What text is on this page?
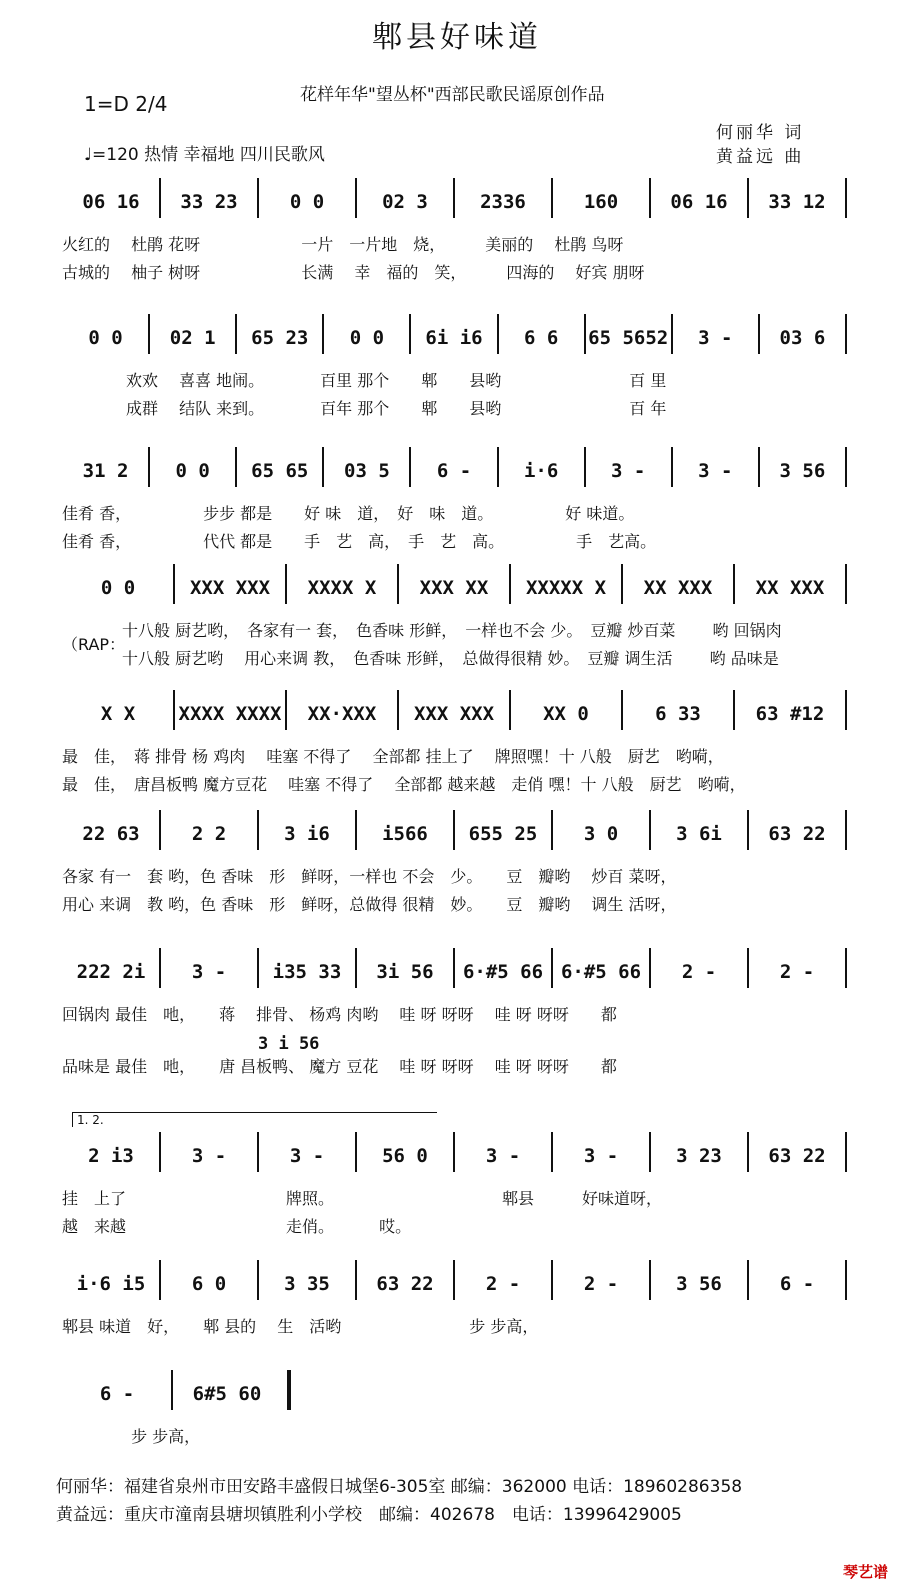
郫县好味道
花样年华"望丛杯"西部民歌民谣原创作品
1=D 2/4
♩=120 热情 幸福地 四川民歌风
何丽华 词
黄益远 曲
06 16	33 23	0 0	02 3	2336	160	06 16	33 12
火红的　 杜鹃 花呀　　　　　　 一片　一片地　烧，　　　美丽的　 杜鹃 鸟呀
古城的　 柚子 树呀　　　　　　 长满　 幸　福的　笑，　　　四海的　 好宾 朋呀
0 0	02 1	65 23	0 0	6i i6	6 6	65 5652	3 -	03 6
　　　　欢欢　 喜喜 地闹。　　　　百里 那个　　郫　　县哟　　　　　　　　百 里
　　　　成群　 结队 来到。　　　　百年 那个　　郫　　县哟　　　　　　　　百 年
31 2	0 0	65 65	03 5	6 -	i·6	3 -	3 -	3 56
佳肴 香，　　　　　步步 都是　　好 味　道，　好　味　道。　　　　　好 味道。
佳肴 香，　　　　　代代 都是　　手　艺　高，　手　艺　高。　　　　　手　艺高。
0 0	XXX XXX	XXXX X	XXX XX	XXXXX X	XX XXX	XX XXX
十八般 厨艺哟，　各家有一 套，　色香味 形鲜，　一样也不会 少。　豆瓣 炒百菜　　 哟 回锅肉
十八般 厨艺哟　 用心来调 教，　色香味 形鲜，　总做得很精 妙。　豆瓣 调生活　　 哟 品味是
X X	XXXX XXXX	XX·XXX	XXX XXX	XX 0	6 33	63 #12
最　佳，　蒋 排骨 杨 鸡肉　 哇塞 不得了　 全部都 挂上了　 牌照嘿！十 八般　厨艺　哟嗬，
最　佳，　唐昌板鸭 魔方豆花　 哇塞 不得了　 全部都 越来越　走俏 嘿！十 八般　厨艺　哟嗬，
22 63	2 2	3 i6	i566	655 25	3 0	3 6i	63 22
各家 有一　套 哟，色 香味　形　鲜呀，一样也 不会　少。　　豆　瓣哟　 炒百 菜呀，
用心 来调　教 哟，色 香味　形　鲜呀，总做得 很精　妙。　　豆　瓣哟　 调生 活呀，
222 2i	3 -	i35 33	3i 56	6·#5 66 6·#5 66	2 -	2 -
回锅肉 最佳　吔，　　蒋　 排骨、 杨鸡 肉哟　 哇 呀 呀呀　 哇 呀 呀呀　　都
品味是 最佳　吔，　　唐 昌板鸭、 魔方 豆花　 哇 呀 呀呀　 哇 呀 呀呀　　都
3 i 56
2 i3	3 -	3 -	56 0	3 -	3 -	3 23	63 22
1. 2.
挂　上了　　　　　　　　　　牌照。　　　　　　　　　　　郫县　　　好味道呀，
越　来越　　　　　　　　　　走俏。　　　 哎。
i·6 i5	6 0	3 35	63 22	2 -	2 -	3 56	6 -
郫县 味道　好，　　郫 县的　 生　活哟　　　　　　　　步 步高，
6 -	6#5 60
　　　　 步 步高，
（RAP：
何丽华：福建省泉州市田安路丰盛假日城堡6-305室 邮编：362000 电话：18960286358
黄益远：重庆市潼南县塘坝镇胜利小学校　邮编：402678　电话：13996429005
琴艺谱
